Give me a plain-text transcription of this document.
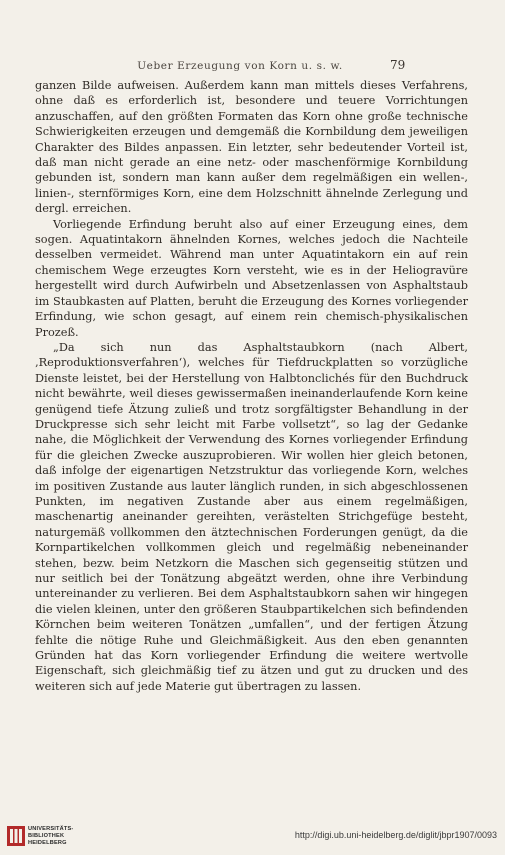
Ueber Erzeugung von Korn u. s. w.	79

ganzen Bilde aufweisen. Außerdem kann man mittels dieses Verfahrens, ohne daß es erforderlich ist, besondere und teuere Vorrichtungen anzuschaffen, auf den größten Formaten das Korn ohne große technische Schwierigkeiten erzeugen und demgemäß die Kornbildung dem jeweiligen Charakter des Bildes anpassen. Ein letzter, sehr bedeutender Vorteil ist, daß man nicht gerade an eine netz- oder maschenförmige Kornbildung gebunden ist, sondern man kann außer dem regelmäßigen ein wellen-, linien-, sternförmiges Korn, eine dem Holzschnitt ähnelnde Zerlegung und dergl. erreichen.

Vorliegende Erfindung beruht also auf einer Erzeugung eines, dem sogen. Aquatintakorn ähnelnden Kornes, welches jedoch die Nachteile desselben vermeidet. Während man unter Aquatintakorn ein auf rein chemischem Wege erzeugtes Korn versteht, wie es in der Heliogravüre hergestellt wird durch Aufwirbeln und Absetzenlassen von Asphaltstaub im Staubkasten auf Platten, beruht die Erzeugung des Kornes vorliegender Erfindung, wie schon gesagt, auf einem rein chemisch-physikalischen Prozeß.

„Da sich nun das Asphaltstaubkorn (nach Albert, ‚Reproduktionsverfahren‘), welches für Tiefdruckplatten so vorzügliche Dienste leistet, bei der Herstellung von Halbtonclichés für den Buchdruck nicht bewährte, weil dieses gewissermaßen ineinanderlaufende Korn keine genügend tiefe Ätzung zuließ und trotz sorgfältigster Behandlung in der Druckpresse sich sehr leicht mit Farbe vollsetzt“, so lag der Gedanke nahe, die Möglichkeit der Verwendung des Kornes vorliegender Erfindung für die gleichen Zwecke auszuprobieren. Wir wollen hier gleich betonen, daß infolge der eigenartigen Netzstruktur das vorliegende Korn, welches im positiven Zustande aus lauter länglich runden, in sich abgeschlossenen Punkten, im negativen Zustande aber aus einem regelmäßigen, maschenartig aneinander gereihten, verästelten Strichgefüge besteht, naturgemäß vollkommen den ätztechnischen Forderungen genügt, da die Kornpartikelchen vollkommen gleich und regelmäßig nebeneinander stehen, bezw. beim Netzkorn die Maschen sich gegenseitig stützen und nur seitlich bei der Tonätzung abgeätzt werden, ohne ihre Verbindung untereinander zu verlieren. Bei dem Asphaltstaubkorn sahen wir hingegen die vielen kleinen, unter den größeren Staubpartikelchen sich befindenden Körnchen beim weiteren Tonätzen „umfallen“, und der fertigen Ätzung fehlte die nötige Ruhe und Gleichmäßigkeit. Aus den eben genannten Gründen hat das Korn vorliegender Erfindung die weitere wertvolle Eigenschaft, sich gleichmäßig tief zu ätzen und gut zu drucken und des weiteren sich auf jede Materie gut übertragen zu lassen.

UNIVERSITÄTS-
BIBLIOTHEK
HEIDELBERG
http://digi.ub.uni-heidelberg.de/diglit/jbpr1907/0093
